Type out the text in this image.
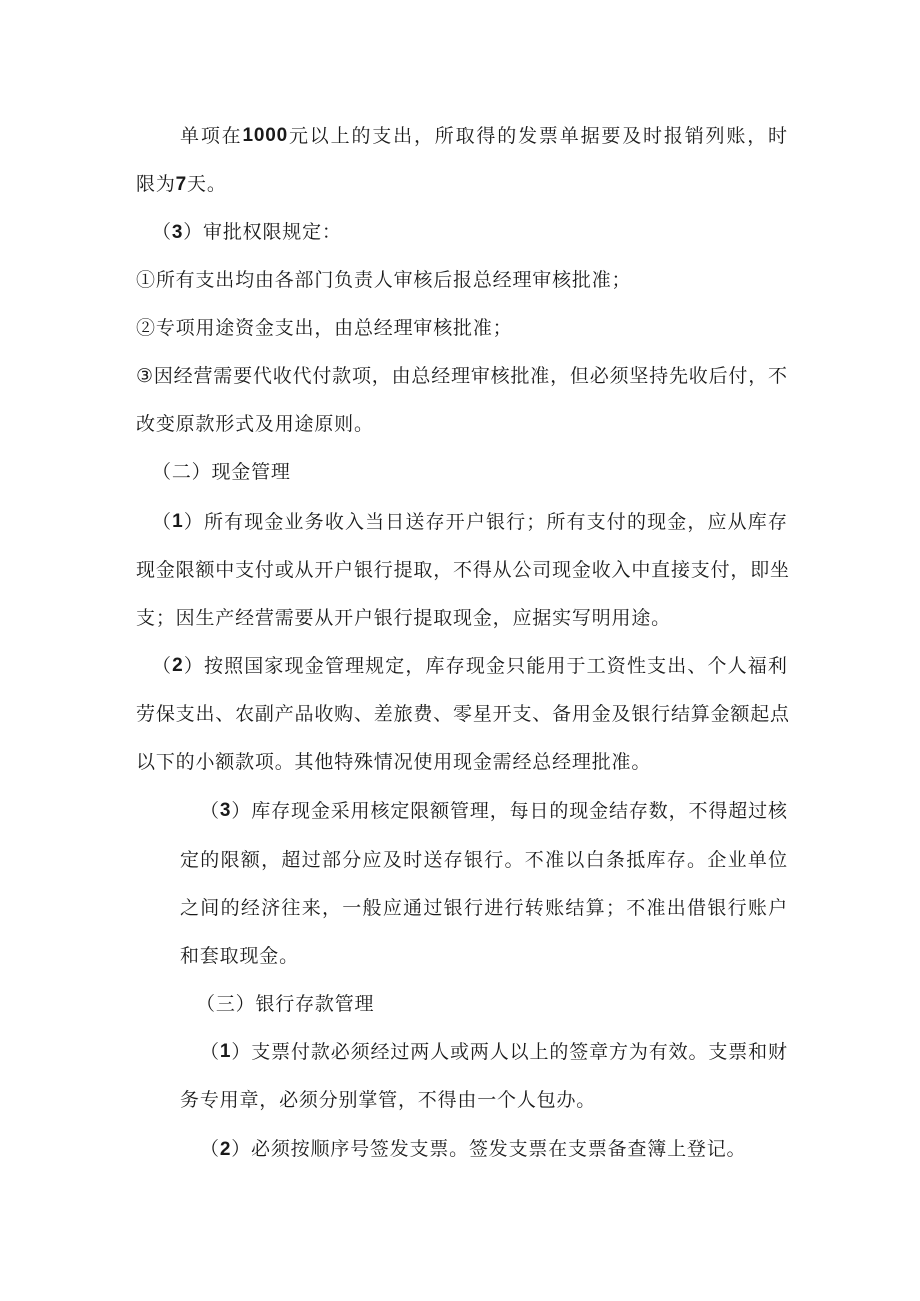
单 项 在 1000 元 以 上 的 支 出 ， 所 取 得 的 发 票 单 据 要 及 时 报 销 列 账 ， 时
限为7天。
（3）审批权限规定：
①所有支出均由各部门负责人审核后报总经理审核批准；
②专项用途资金支出，由总经理审核批准；
③ 因 经 营 需 要 代 收 代 付 款 项 ， 由 总 经 理 审 核 批 准 ， 但 必 须 坚 持 先 收 后 付 ， 不
改变原款形式及用途原则。
（二）现金管理
（ 1 ） 所 有 现 金 业 务 收 入 当 日 送 存 开 户 银 行 ； 所 有 支 付 的 现 金 ， 应 从 库 存
现 金 限 额 中 支 付 或 从 开 户 银 行 提 取 ， 不 得 从 公 司 现 金 收 入 中 直 接 支 付 ， 即 坐
支；因生产经营需要从开户银行提取现金，应据实写明用途。
（ 2 ） 按 照 国 家 现 金 管 理 规 定 ， 库 存 现 金 只 能 用 于 工 资 性 支 出 、 个 人 福 利
劳 保 支 出 、 农 副 产 品 收 购 、 差 旅 费 、 零 星 开 支 、 备 用 金 及 银 行 结 算 金 额 起 点
以下的小额款项。其他特殊情况使用现金需经总经理批准。
（ 3 ） 库 存 现 金 采 用 核 定 限 额 管 理 ， 每 日 的 现 金 结 存 数 ， 不 得 超 过 核
定 的 限 额 ， 超 过 部 分 应 及 时 送 存 银 行 。 不 准 以 白 条 抵 库 存 。 企 业 单 位
之 间 的 经 济 往 来 ， 一 般 应 通 过 银 行 进 行 转 账 结 算 ； 不 准 出 借 银 行 账 户
和套取现金。
（三）银行存款管理
（ 1 ） 支 票 付 款 必 须 经 过 两 人 或 两 人 以 上 的 签 章 方 为 有 效 。 支 票 和 财
务专用章，必须分别掌管，不得由一个人包办。
（2）必须按顺序号签发支票。签发支票在支票备查簿上登记。
